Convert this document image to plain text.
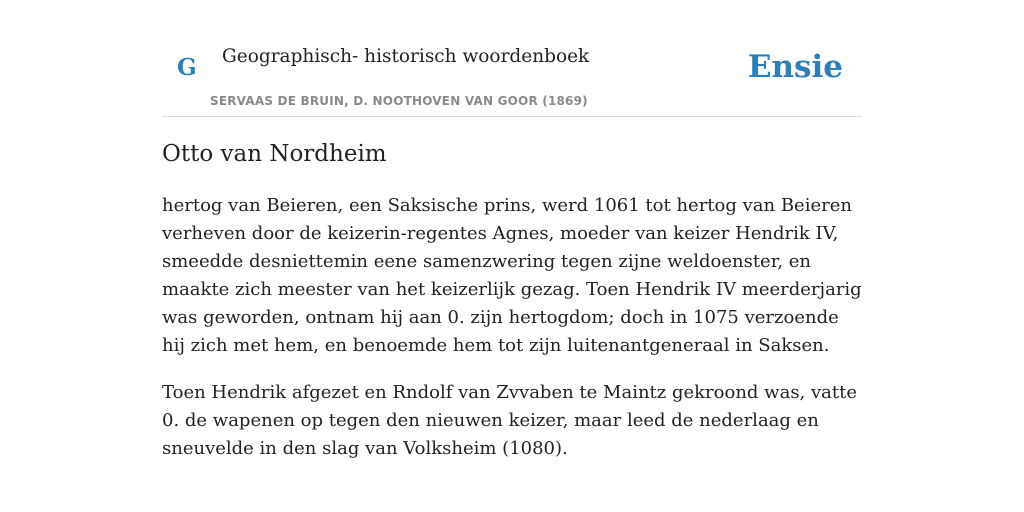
G Geographisch- historisch woordenboek
SERVAAS DE BRUIN, D. NOOTHOVEN VAN GOOR (1869)
Ensie
Otto van Nordheim

hertog van Beieren, een Saksische prins, werd 1061 tot hertog van Beieren verheven door de keizerin-regentes Agnes, moeder van keizer Hendrik IV, smeedde desniettemin eene samenzwering tegen zijne weldoenster, en maakte zich meester van het keizerlijk gezag. Toen Hendrik IV meerderjarig was geworden, ontnam hij aan 0. zijn hertogdom; doch in 1075 verzoende hij zich met hem, en benoemde hem tot zijn luitenantgeneraal in Saksen.

Toen Hendrik afgezet en Rndolf van Zvvaben te Maintz gekroond was, vatte 0. de wapenen op tegen den nieuwen keizer, maar leed de nederlaag en sneuvelde in den slag van Volksheim (1080).
